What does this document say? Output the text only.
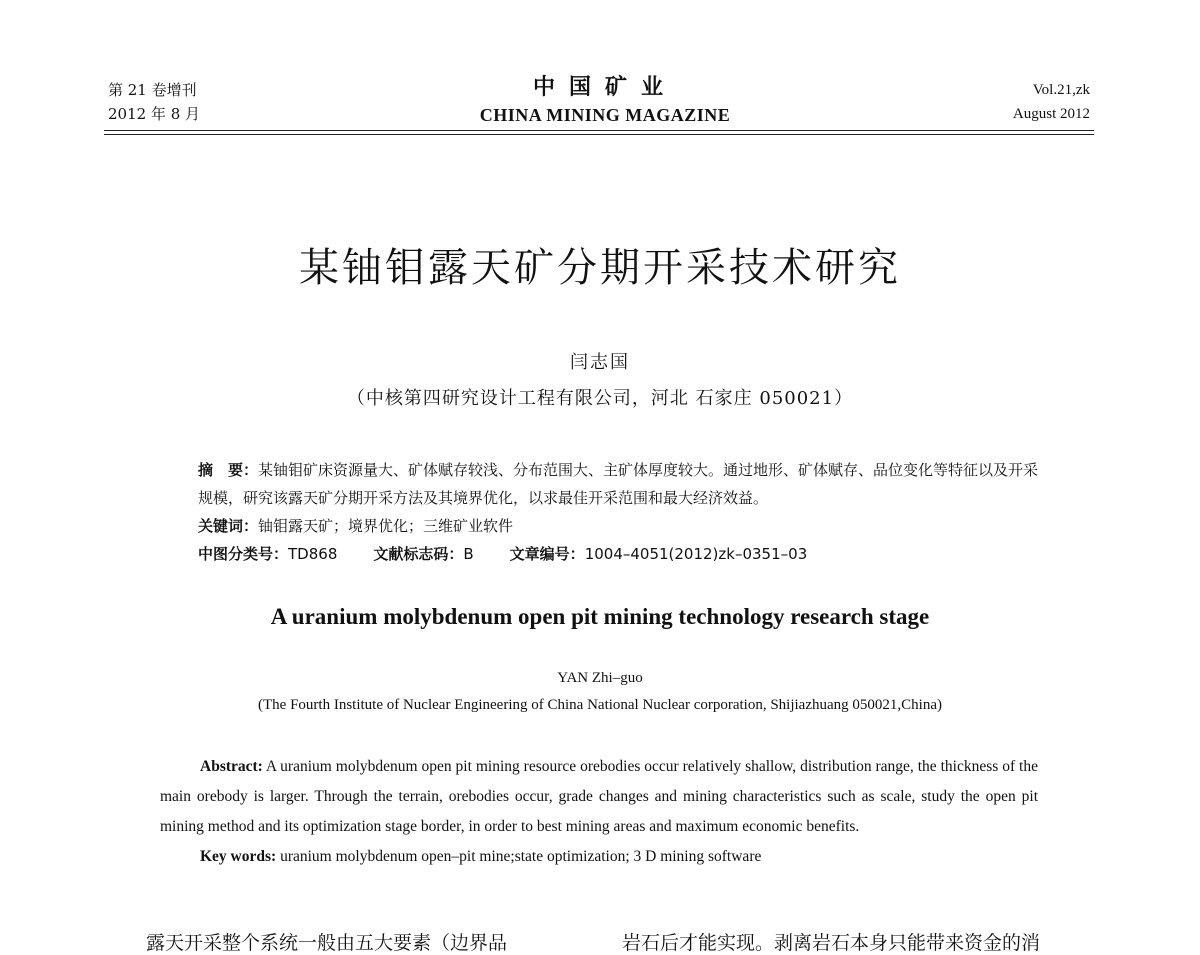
第 21 卷增刊
2012 年 8 月
中国矿业
CHINA MINING MAGAZINE
Vol.21,zk
August 2012
某铀钼露天矿分期开采技术研究
闫志国
（中核第四研究设计工程有限公司，河北 石家庄 050021）
摘　要：某铀钼矿床资源量大、矿体赋存较浅、分布范围大、主矿体厚度较大。通过地形、矿体赋存、品位变化等特征以及开采规模，研究该露天矿分期开采方法及其境界优化，以求最佳开采范围和最大经济效益。
关键词：铀钼露天矿；境界优化；三维矿业软件
中图分类号：TD868 文献标志码：B 文章编号：1004–4051(2012)zk–0351–03
A uranium molybdenum open pit mining technology research stage
YAN Zhi–guo
(The Fourth Institute of Nuclear Engineering of China National Nuclear corporation, Shijiazhuang 050021,China)
Abstract: A uranium molybdenum open pit mining resource orebodies occur relatively shallow, distribution range, the thickness of the main orebody is larger. Through the terrain, orebodies occur, grade changes and mining characteristics such as scale, study the open pit mining method and its optimization stage border, in order to best mining areas and maximum economic benefits.
Key words: uranium molybdenum open–pit mine;state optimization; 3 D mining software
露天开采整个系统一般由五大要素（边界品	岩石后才能实现。剥离岩石本身只能带来资金的消
